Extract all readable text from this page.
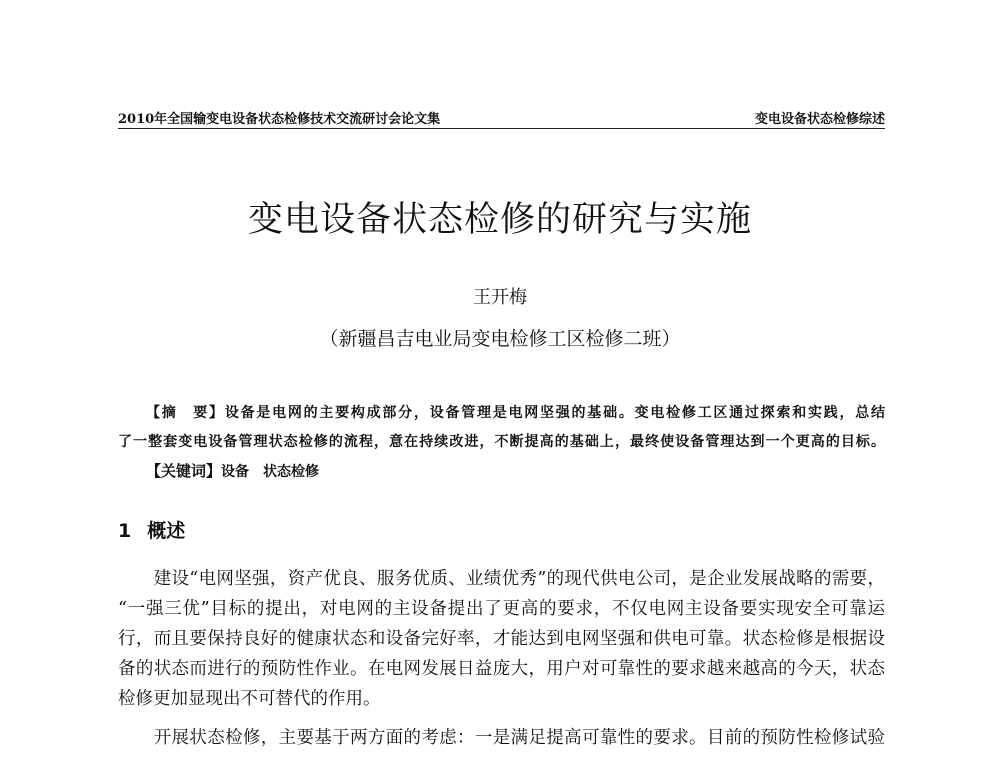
2010年全国输变电设备状态检修技术交流研讨会论文集	变电设备状态检修综述
变电设备状态检修的研究与实施
王开梅
（新疆昌吉电业局变电检修工区检修二班）
【摘　要】设备是电网的主要构成部分，设备管理是电网坚强的基础。变电检修工区通过探索和实践，总结
了一整套变电设备管理状态检修的流程，意在持续改进，不断提高的基础上，最终使设备管理达到一个更高的目标。
【关键词】设备　状态检修
1 概述
　　建设“电网坚强，资产优良、服务优质、业绩优秀”的现代供电公司，是企业发展战略的需要，
“一强三优”目标的提出，对电网的主设备提出了更高的要求，不仅电网主设备要实现安全可靠运
行，而且要保持良好的健康状态和设备完好率，才能达到电网坚强和供电可靠。状态检修是根据设
备的状态而进行的预防性作业。在电网发展日益庞大，用户对可靠性的要求越来越高的今天，状态
检修更加显现出不可替代的作用。
　　开展状态检修，主要基于两方面的考虑：一是满足提高可靠性的要求。目前的预防性检修试验
